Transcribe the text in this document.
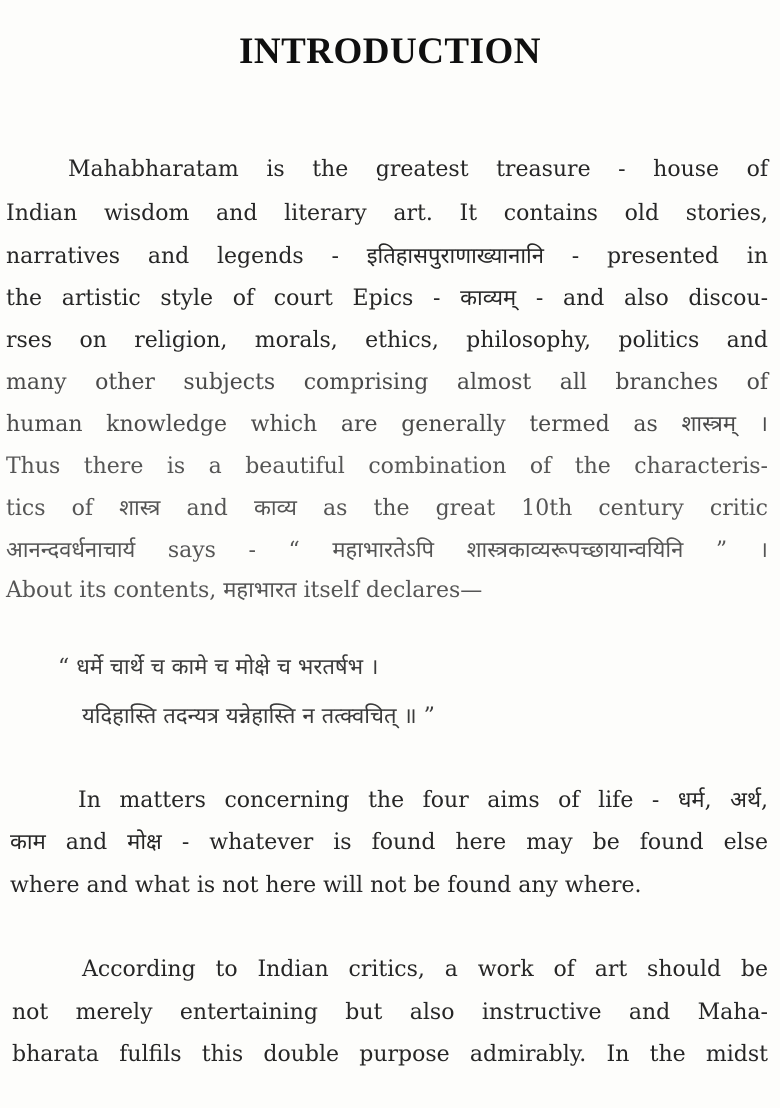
INTRODUCTION
Mahabharatam is the greatest treasure - house of
Indian wisdom and literary art. It contains old stories,
narratives and legends - इतिहासपुराणाख्यानानि - presented in
the artistic style of court Epics - काव्यम् - and also discou-
rses on religion, morals, ethics, philosophy, politics and
many other subjects comprising almost all branches of
human knowledge which are generally termed as शास्त्रम् ।
Thus there is a beautiful combination of the characteris-
tics of शास्त्र and काव्य as the great 10th century critic
आनन्दवर्धनाचार्य says - “ महाभारतेऽपि शास्त्रकाव्यरूपच्छायान्वयिनि ” ।
About its contents, महाभारत itself declares—
“ धर्मे चार्थे च कामे च मोक्षे च भरतर्षभ ।
यदिहास्ति तदन्यत्र यन्नेहास्ति न तत्क्वचित् ॥ ”
In matters concerning the four aims of life - धर्म, अर्थ,
काम and मोक्ष - whatever is found here may be found else
where and what is not here will not be found any where.
According to Indian critics, a work of art should be
not merely entertaining but also instructive and Maha-
bharata fulfils this double purpose admirably. In the midst
